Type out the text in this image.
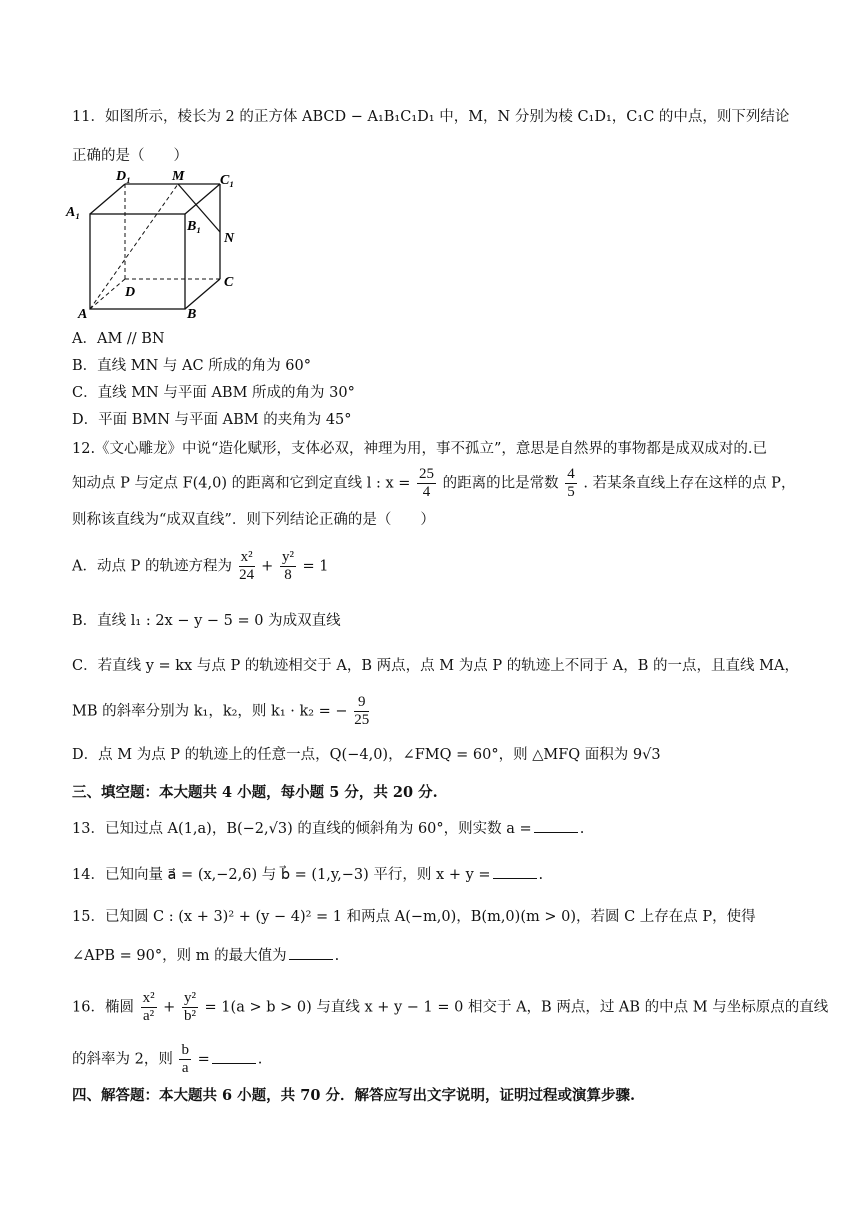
11．如图所示，棱长为 2 的正方体 ABCD − A₁B₁C₁D₁ 中，M，N 分别为棱 C₁D₁，C₁C 的中点，则下列结论
正确的是（　　）
D₁	M	C₁
A₁
B₁
N
D
C
A	B
A．AM // BN
B．直线 MN 与 AC 所成的角为 60°
C．直线 MN 与平面 ABM 所成的角为 30°
D．平面 BMN 与平面 ABM 的夹角为 45°
12.《文心雕龙》中说“造化赋形，支体必双，神理为用，事不孤立”，意思是自然界的事物都是成双成对的.已
知动点 P 与定点 F(4,0) 的距离和它到定直线 l : $x = \frac{25}{4}$ 的距离的比是常数 $\frac{4}{5}$ . 若某条直线上存在这样的点 P，
则称该直线为“成双直线”．则下列结论正确的是（　　）
A．动点 P 的轨迹方程为 $\frac{\text{x²}}{24} + \frac{\text{y²}}{8} = 1$
B．直线 l₁ : 2x − y − 5 = 0 为成双直线
C．若直线 y = kx 与点 P 的轨迹相交于 A，B 两点，点 M 为点 P 的轨迹上不同于 A，B 的一点，且直线 MA，
MB 的斜率分别为 k₁，k₂，则 k₁ · k₂ = − $\frac{9}{25}$
D．点 M 为点 P 的轨迹上的任意一点，Q(−4,0)，∠FMQ = 60°，则 △MFQ 面积为 9√3
三、填空题：本大题共 4 小题，每小题 5 分，共 20 分.
13．已知过点 A(1,a)，B(−2,√3) 的直线的倾斜角为 60°，则实数 a =	.
14．已知向量 a⃗ = (x,−2,6) 与 b⃗ = (1,y,−3) 平行，则 x + y =	.
15．已知圆 C : (x + 3)² + (y − 4)² = 1 和两点 A(−m,0)，B(m,0)(m > 0)，若圆 C 上存在点 P，使得
∠APB = 90°，则 m 的最大值为	.
16．椭圆 $\frac{\text{x²}}{\text{a²}} + \frac{\text{y²}}{\text{b²}} = 1(a > b > 0)$ 与直线 x + y − 1 = 0 相交于 A，B 两点，过 AB 的中点 M 与坐标原点的直线
的斜率为 2，则 $\frac{b}{a}$ =	.
四、解答题：本大题共 6 小题，共 70 分．解答应写出文字说明，证明过程或演算步骤.
